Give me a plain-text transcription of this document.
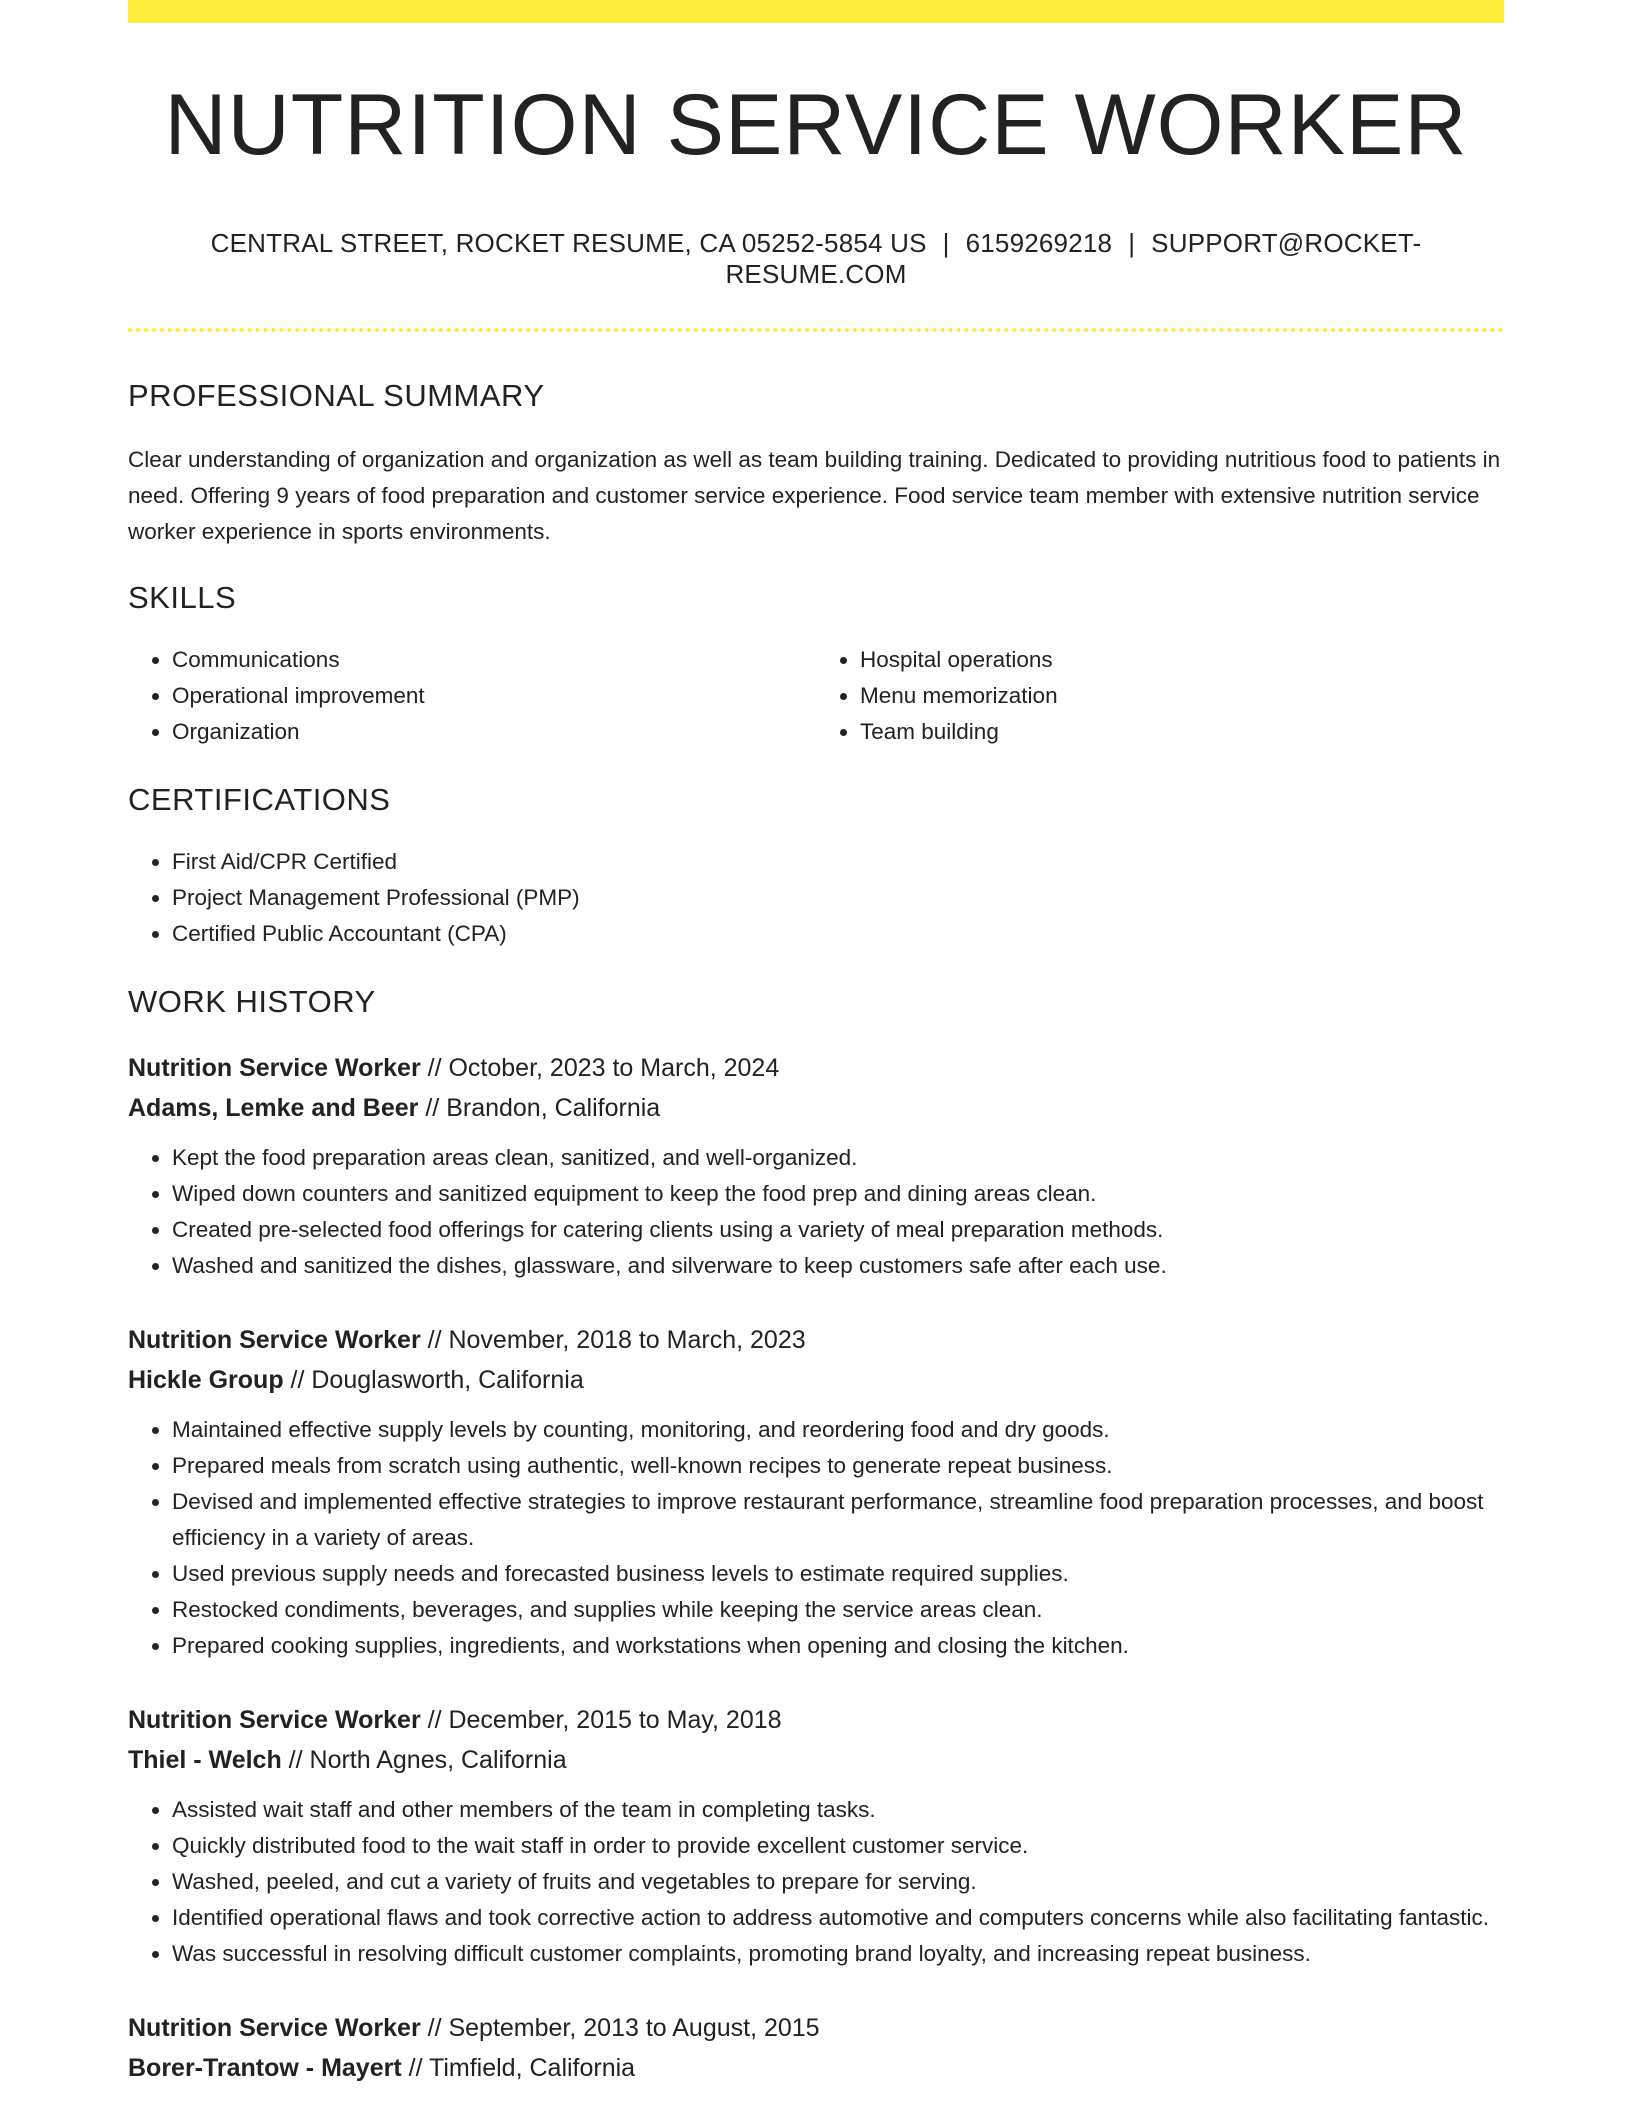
NUTRITION SERVICE WORKER
CENTRAL STREET, ROCKET RESUME, CA 05252-5854 US | 6159269218 | SUPPORT@ROCKET-RESUME.COM
PROFESSIONAL SUMMARY
Clear understanding of organization and organization as well as team building training. Dedicated to providing nutritious food to patients in need. Offering 9 years of food preparation and customer service experience. Food service team member with extensive nutrition service worker experience in sports environments.
SKILLS
• Communications
• Operational improvement
• Organization
• Hospital operations
• Menu memorization
• Team building
CERTIFICATIONS
• First Aid/CPR Certified
• Project Management Professional (PMP)
• Certified Public Accountant (CPA)
WORK HISTORY
Nutrition Service Worker // October, 2023 to March, 2024
Adams, Lemke and Beer // Brandon, California
• Kept the food preparation areas clean, sanitized, and well-organized.
• Wiped down counters and sanitized equipment to keep the food prep and dining areas clean.
• Created pre-selected food offerings for catering clients using a variety of meal preparation methods.
• Washed and sanitized the dishes, glassware, and silverware to keep customers safe after each use.
Nutrition Service Worker // November, 2018 to March, 2023
Hickle Group // Douglasworth, California
• Maintained effective supply levels by counting, monitoring, and reordering food and dry goods.
• Prepared meals from scratch using authentic, well-known recipes to generate repeat business.
• Devised and implemented effective strategies to improve restaurant performance, streamline food preparation processes, and boost efficiency in a variety of areas.
• Used previous supply needs and forecasted business levels to estimate required supplies.
• Restocked condiments, beverages, and supplies while keeping the service areas clean.
• Prepared cooking supplies, ingredients, and workstations when opening and closing the kitchen.
Nutrition Service Worker // December, 2015 to May, 2018
Thiel - Welch // North Agnes, California
• Assisted wait staff and other members of the team in completing tasks.
• Quickly distributed food to the wait staff in order to provide excellent customer service.
• Washed, peeled, and cut a variety of fruits and vegetables to prepare for serving.
• Identified operational flaws and took corrective action to address automotive and computers concerns while also facilitating fantastic.
• Was successful in resolving difficult customer complaints, promoting brand loyalty, and increasing repeat business.
Nutrition Service Worker // September, 2013 to August, 2015
Borer-Trantow - Mayert // Timfield, California
